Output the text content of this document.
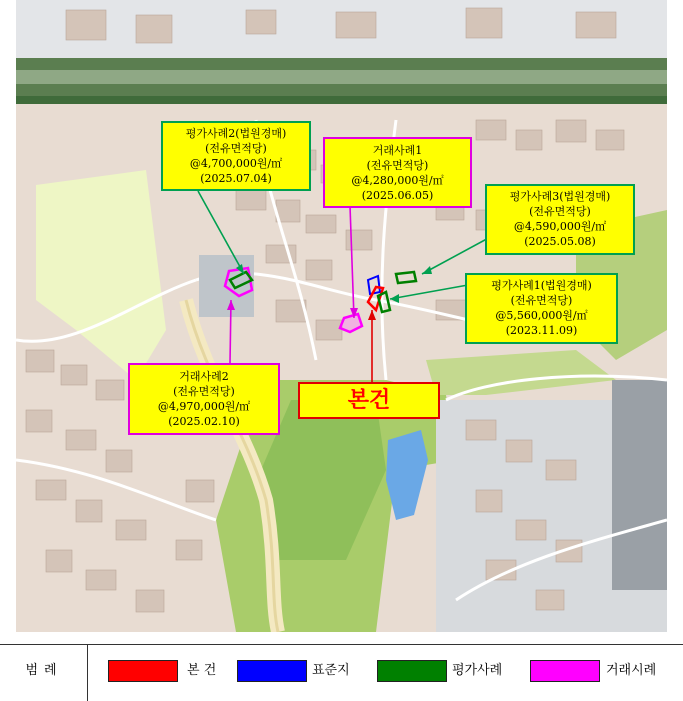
평가사례2(법원경매)
(전유면적당)
@4,700,000원/㎡
(2025.07.04)
거래사례1
(전유면적당)
@4,280,000원/㎡
(2025.06.05)	평가사례3(법원경매)
(전유면적당)
@4,590,000원/㎡
(2025.05.08)
평가사례1(법원경매)
(전유면적당)
@5,560,000원/㎡
(2023.11.09)
거래사례2
(전유면적당)
@4,970,000원/㎡
(2025.02.10)
본건
범례	본 건	표준지	평가사례	거래시례
